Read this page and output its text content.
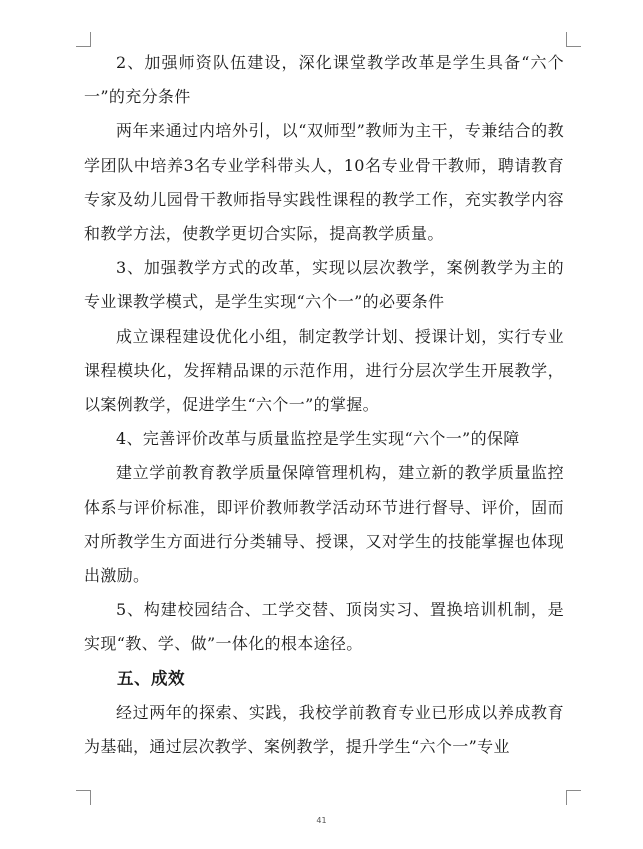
2、加强师资队伍建设，深化课堂教学改革是学生具备“六个一”的充分条件

两年来通过内培外引，以“双师型”教师为主干，专兼结合的教学团队中培养3名专业学科带头人，10名专业骨干教师，聘请教育专家及幼儿园骨干教师指导实践性课程的教学工作，充实教学内容和教学方法，使教学更切合实际，提高教学质量。

3、加强教学方式的改革，实现以层次教学，案例教学为主的专业课教学模式，是学生实现“六个一”的必要条件

成立课程建设优化小组，制定教学计划、授课计划，实行专业课程模块化，发挥精品课的示范作用，进行分层次学生开展教学，以案例教学，促进学生“六个一”的掌握。

4、完善评价改革与质量监控是学生实现“六个一”的保障

建立学前教育教学质量保障管理机构，建立新的教学质量监控体系与评价标准，即评价教师教学活动环节进行督导、评价，固而对所教学生方面进行分类辅导、授课，又对学生的技能掌握也体现出激励。

5、构建校园结合、工学交替、顶岗实习、置换培训机制，是实现“教、学、做”一体化的根本途径。

五、成效

经过两年的探索、实践，我校学前教育专业已形成以养成教育为基础，通过层次教学、案例教学，提升学生“六个一”专业

41
